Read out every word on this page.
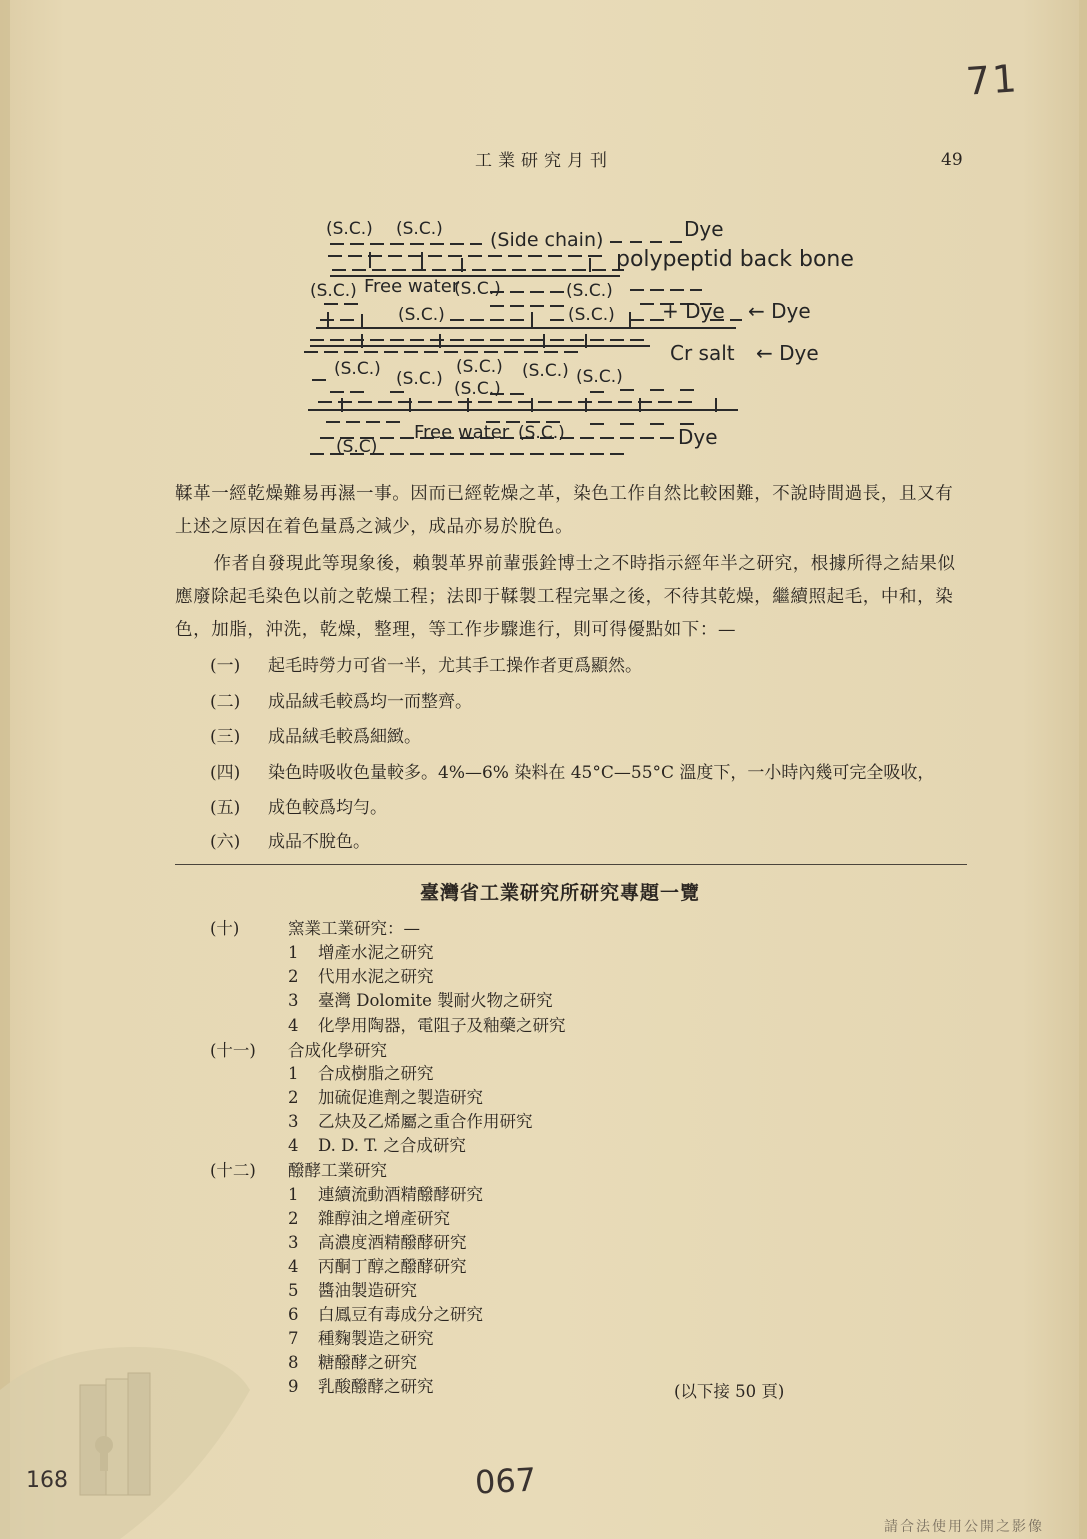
71
168	067
工業研究月刊	49
(S.C.) (S.C.) (Side chain)	Dye
polypeptid back bone
(S.C.) Free water
(S.C.)	(S.C.)
(S.C.)	(S.C.) + Dye ← Dye
Cr salt ← Dye
(S.C.) (S.C.)
(S.C.)
(S.C.)
(S.C.) (S.C.)
(S.C)
Free water (S.C.)	Dye

鞣革一經乾燥難易再濕一事。因而已經乾燥之革，染色工作自然比較困難，不說時間過長，且又有上述之原因在着色量爲之減少，成品亦易於脫色。

作者自發現此等現象後，賴製革界前輩張銓博士之不時指示經年半之研究，根據所得之結果似應廢除起毛染色以前之乾燥工程；法即于鞣製工程完畢之後，不待其乾燥，繼續照起毛，中和，染色，加脂，沖洗，乾燥，整理，等工作步驟進行，則可得優點如下：—

(一) 起毛時勞力可省一半，尤其手工操作者更爲顯然。
(二) 成品絨毛較爲均一而整齊。
(三) 成品絨毛較爲細緻。
(四) 染色時吸收色量較多。4%—6% 染料在 45°C—55°C 溫度下，一小時內幾可完全吸收，
(五) 成色較爲均勻。
(六) 成品不脫色。
臺灣省工業研究所研究專題一覽
(十)	窯業工業研究：—
1 增產水泥之研究
2 代用水泥之研究
3 臺灣 Dolomite 製耐火物之研究
4 化學用陶器，電阻子及釉藥之研究
(十一) 合成化學研究
1 合成樹脂之研究
2 加硫促進劑之製造研究
3 乙炔及乙烯屬之重合作用研究
4 D. D. T. 之合成研究
(十二) 醱酵工業研究
1 連續流動酒精醱酵研究
2 雜醇油之增產研究
3 高濃度酒精醱酵研究
4 丙酮丁醇之醱酵研究
5 醬油製造研究
6 白鳳豆有毒成分之研究
7 種麴製造之研究
8 糖醱酵之研究
9 乳酸醱酵之研究	(以下接 50 頁)
請合法使用公開之影像
